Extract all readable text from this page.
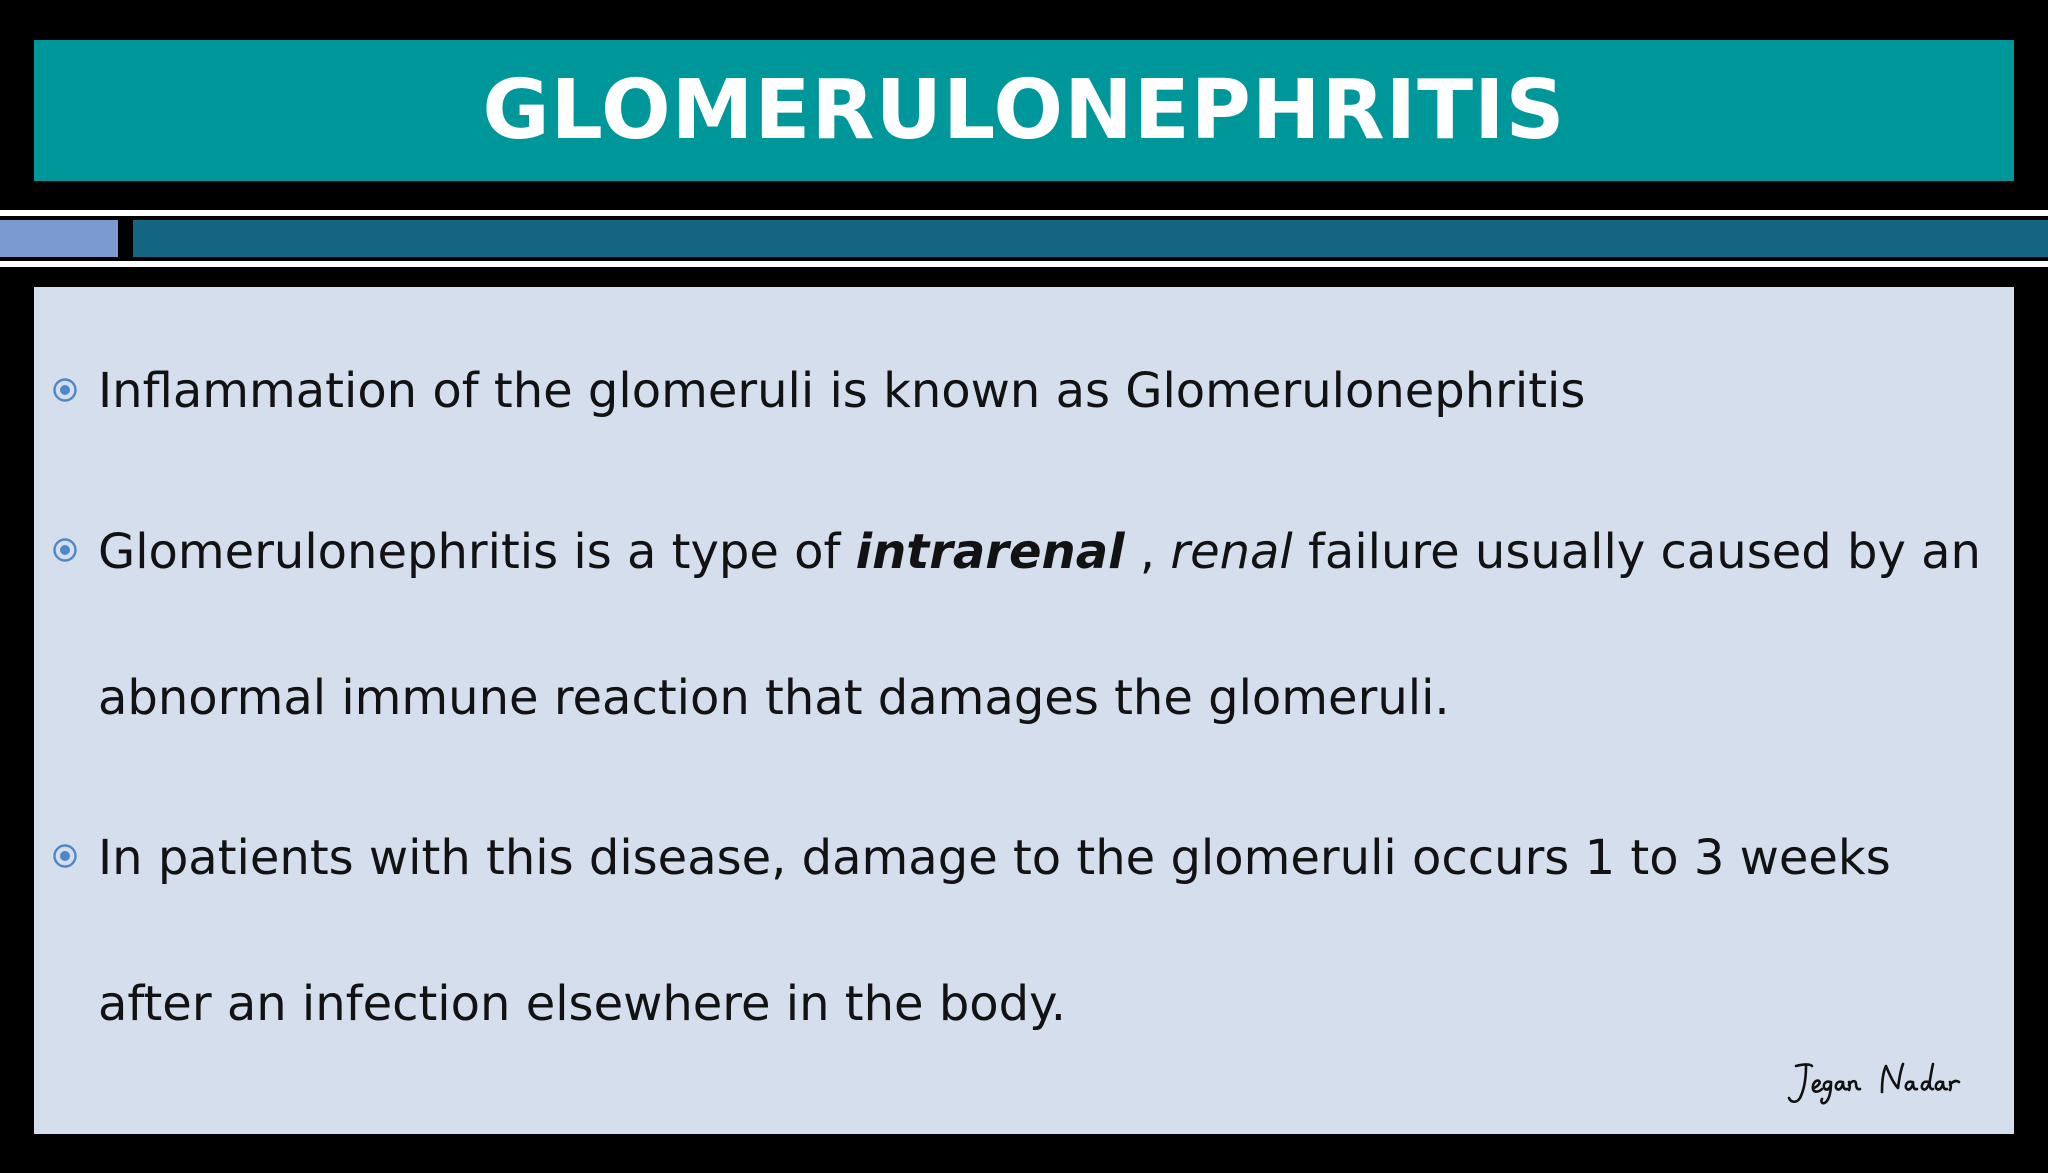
GLOMERULONEPHRITIS
Inflammation of the glomeruli is known as Glomerulonephritis
Glomerulonephritis is a type of intrarenal , renal failure usually caused by an
abnormal immune reaction that damages the glomeruli.
In patients with this disease, damage to the glomeruli occurs 1 to 3 weeks
after an infection elsewhere in the body.
